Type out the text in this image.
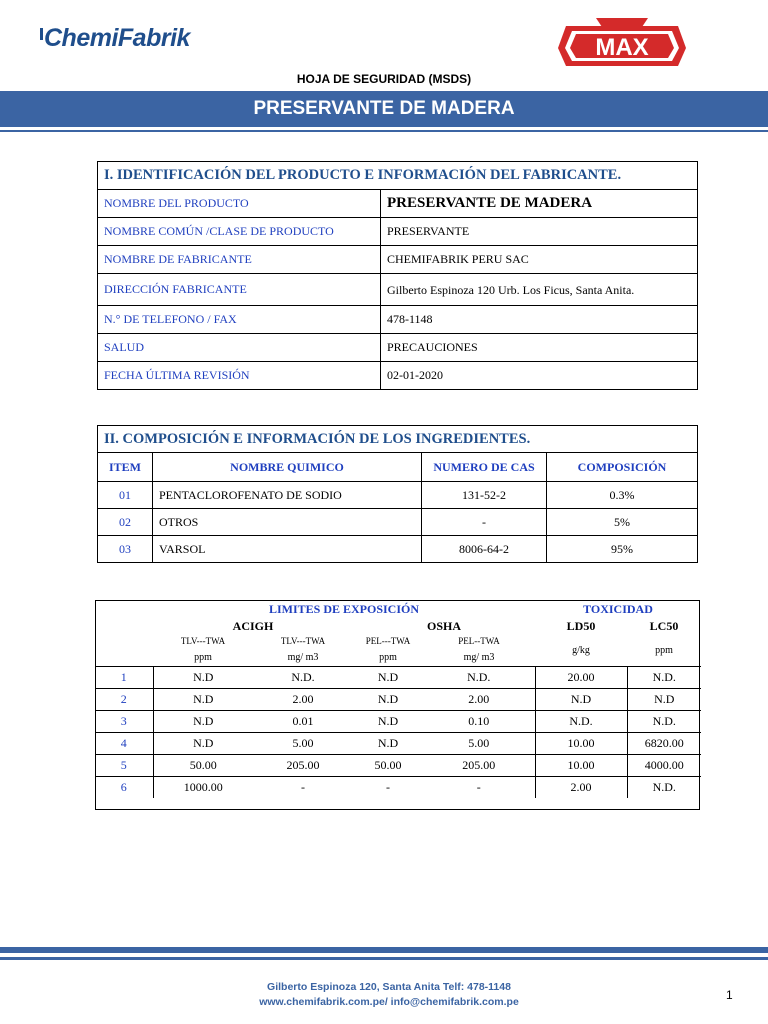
ChemiFabrik	MAX
HOJA DE SEGURIDAD (MSDS)
PRESERVANTE DE MADERA
I. IDENTIFICACIÓN DEL PRODUCTO E INFORMACIÓN DEL FABRICANTE.	
NOMBRE DEL PRODUCTO	PRESERVANTE DE MADERA
NOMBRE COMÚN /CLASE DE PRODUCTO	PRESERVANTE
NOMBRE DE FABRICANTE	CHEMIFABRIK PERU SAC
DIRECCIÓN FABRICANTE	Gilberto Espinoza 120 Urb. Los Ficus, Santa Anita.
N.° DE TELEFONO / FAX	478-1148
SALUD	PRECAUCIONES
FECHA ÚLTIMA REVISIÓN	02-01-2020
II. COMPOSICIÓN E INFORMACIÓN DE LOS INGREDIENTES.			
ITEM	NOMBRE QUIMICO	NUMERO DE CAS	COMPOSICIÓN
01	PENTACLOROFENATO DE SODIO	131-52-2	0.3%
02	OTROS	-	5%
03	VARSOL	8006-64-2	95%
	LIMITES DE EXPOSICIÓN				TOXICIDAD	
	ACIGH		OSHA		LD50	LC50
	TLV---TWA	TLV---TWA	PEL---TWA	PEL--TWA	g/kg	ppm
	ppm	mg/ m3	ppm	mg/ m3		
1	N.D	N.D.	N.D	N.D.	20.00	N.D.
2	N.D	2.00	N.D	2.00	N.D	N.D
3	N.D	0.01	N.D	0.10	N.D.	N.D.
4	N.D	5.00	N.D	5.00	10.00	6820.00
5	50.00	205.00	50.00	205.00	10.00	4000.00
6	1000.00	-	-	-	2.00	N.D.
Gilberto Espinoza 120, Santa Anita Telf: 478-1148
www.chemifabrik.com.pe/ info@chemifabrik.com.pe	1
